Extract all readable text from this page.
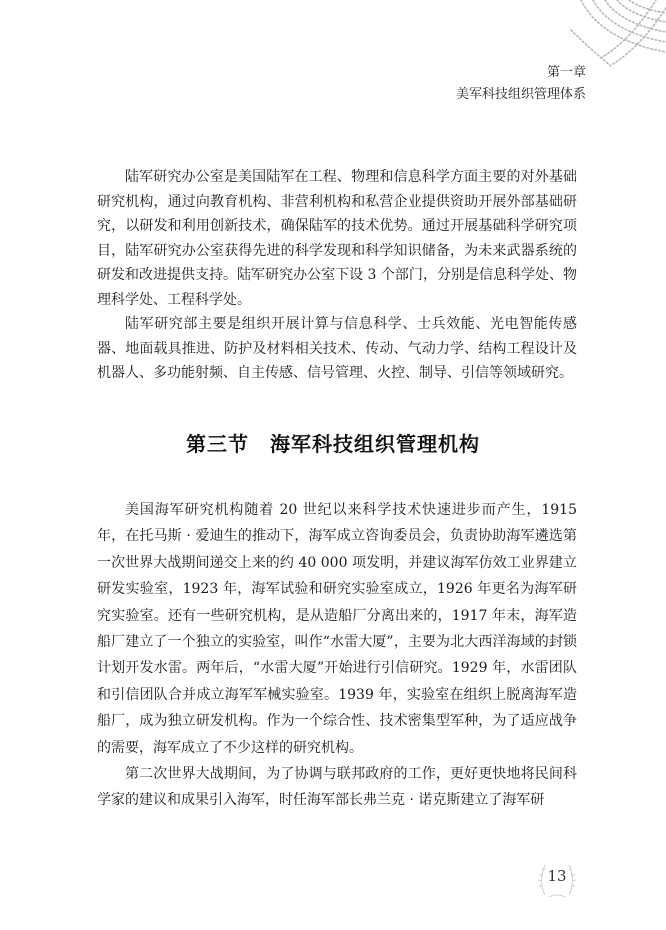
第一章
美军科技组织管理体系

陆军研究办公室是美国陆军在工程、物理和信息科学方面主要的对外基础研究机构，通过向教育机构、非营利机构和私营企业提供资助开展外部基础研究，以研发和利用创新技术，确保陆军的技术优势。通过开展基础科学研究项目，陆军研究办公室获得先进的科学发现和科学知识储备，为未来武器系统的研发和改进提供支持。陆军研究办公室下设 3 个部门，分别是信息科学处、物理科学处、工程科学处。

陆军研究部主要是组织开展计算与信息科学、士兵效能、光电智能传感器、地面载具推进、防护及材料相关技术、传动、气动力学、结构工程设计及机器人、多功能射频、自主传感、信号管理、火控、制导、引信等领域研究。

第三节　海军科技组织管理机构

美国海军研究机构随着 20 世纪以来科学技术快速进步而产生，1915 年，在托马斯 · 爱迪生的推动下，海军成立咨询委员会，负责协助海军遴选第一次世界大战期间递交上来的约 40 000 项发明，并建议海军仿效工业界建立研发实验室，1923 年，海军试验和研究实验室成立，1926 年更名为海军研究实验室。还有一些研究机构，是从造船厂分离出来的，1917 年末，海军造船厂建立了一个独立的实验室，叫作“水雷大厦”，主要为北大西洋海域的封锁计划开发水雷。两年后，“水雷大厦”开始进行引信研究。1929 年，水雷团队和引信团队合并成立海军军械实验室。1939 年，实验室在组织上脱离海军造船厂，成为独立研发机构。作为一个综合性、技术密集型军种，为了适应战争的需要，海军成立了不少这样的研究机构。

第二次世界大战期间，为了协调与联邦政府的工作，更好更快地将民间科学家的建议和成果引入海军，时任海军部长弗兰克 · 诺克斯建立了海军研

13
